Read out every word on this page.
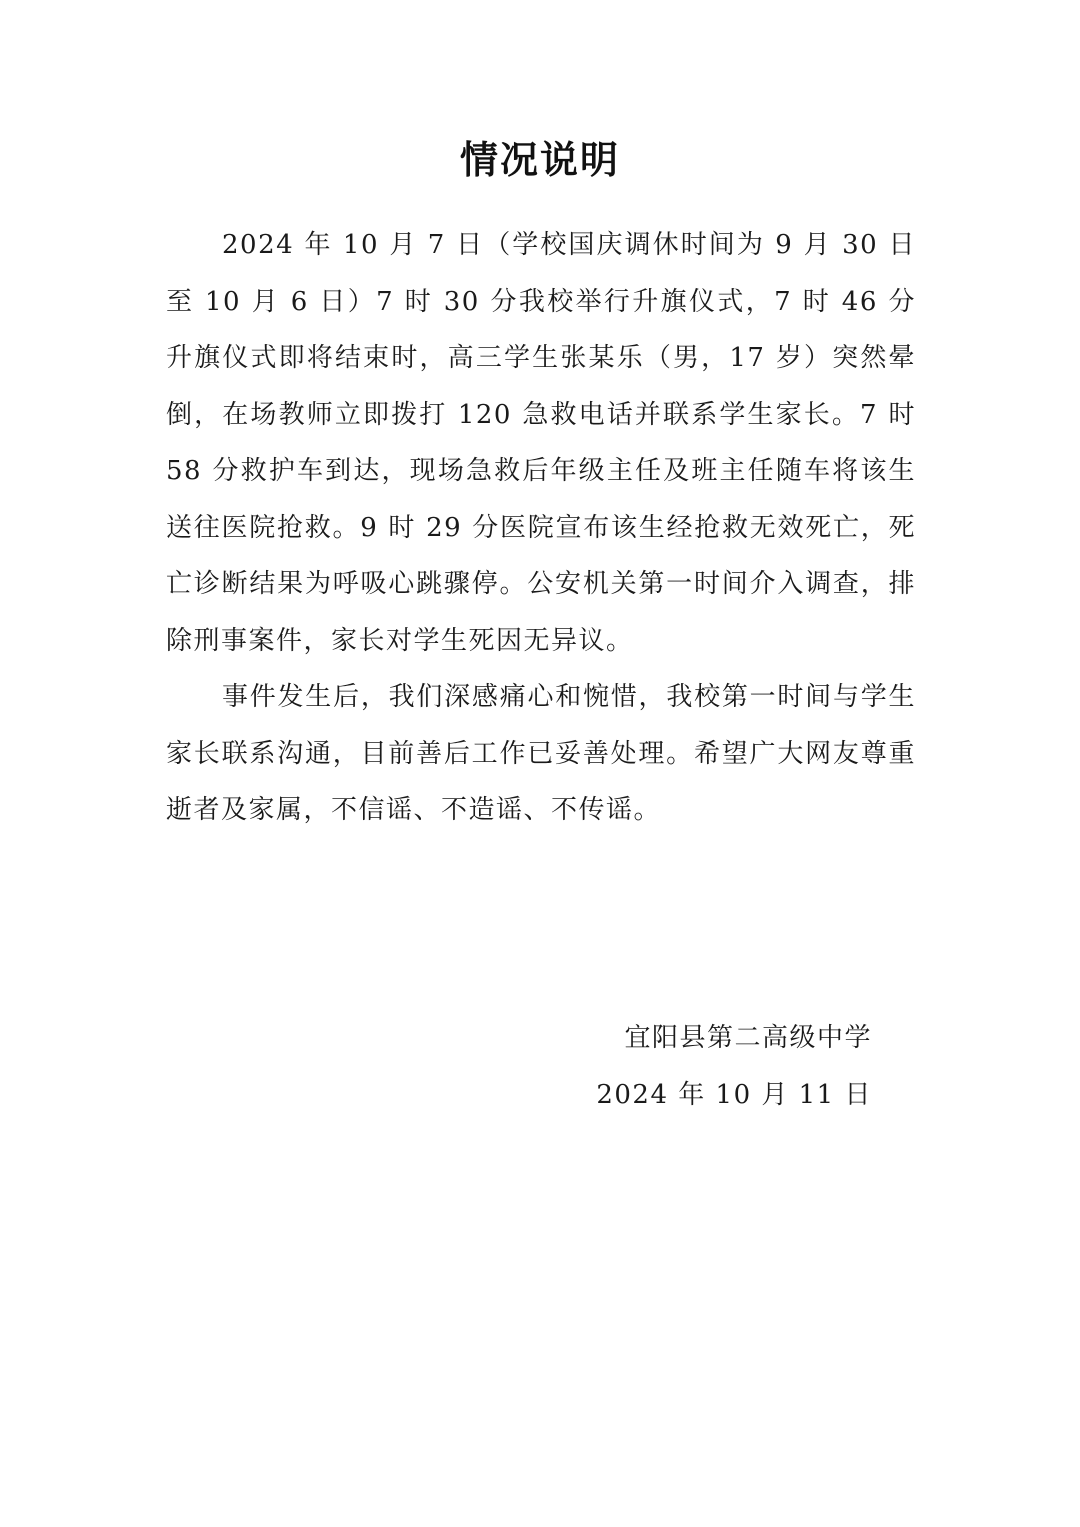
情况说明

2024 年 10 月 7 日（学校国庆调休时间为 9 月 30 日至 10 月 6 日）7 时 30 分我校举行升旗仪式，7 时 46 分升旗仪式即将结束时，高三学生张某乐（男，17 岁）突然晕倒，在场教师立即拨打 120 急救电话并联系学生家长。7 时 58 分救护车到达，现场急救后年级主任及班主任随车将该生送往医院抢救。9 时 29 分医院宣布该生经抢救无效死亡，死亡诊断结果为呼吸心跳骤停。公安机关第一时间介入调查，排除刑事案件，家长对学生死因无异议。

事件发生后，我们深感痛心和惋惜，我校第一时间与学生家长联系沟通，目前善后工作已妥善处理。希望广大网友尊重逝者及家属，不信谣、不造谣、不传谣。

宜阳县第二高级中学
2024 年 10 月 11 日
